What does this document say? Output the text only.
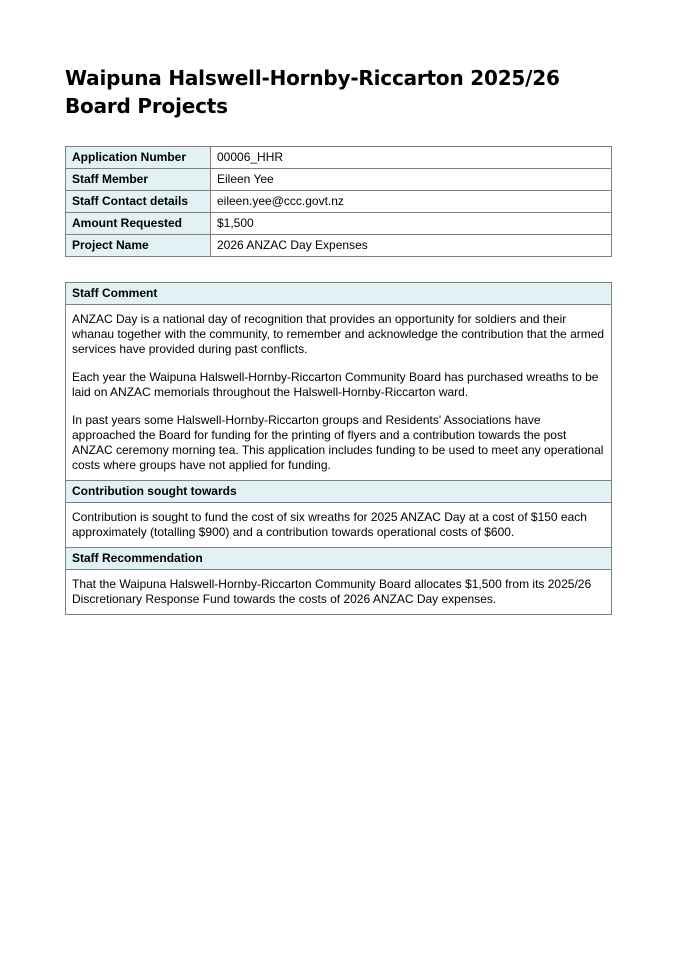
Waipuna Halswell-Hornby-Riccarton 2025/26 Board Projects
Application Number	00006_HHR
Staff Member	Eileen Yee
Staff Contact details	eileen.yee@ccc.govt.nz
Amount Requested	$1,500
Project Name	2026 ANZAC Day Expenses
Staff Comment

ANZAC Day is a national day of recognition that provides an opportunity for soldiers and their whanau together with the community, to remember and acknowledge the contribution that the armed services have provided during past conflicts.

Each year the Waipuna Halswell-Hornby-Riccarton Community Board has purchased wreaths to be laid on ANZAC memorials throughout the Halswell-Hornby-Riccarton ward.

In past years some Halswell-Hornby-Riccarton groups and Residents' Associations have approached the Board for funding for the printing of flyers and a contribution towards the post ANZAC ceremony morning tea. This application includes funding to be used to meet any operational costs where groups have not applied for funding.

Contribution sought towards
Contribution is sought to fund the cost of six wreaths for 2025 ANZAC Day at a cost of $150 each approximately (totalling $900) and a contribution towards operational costs of $600.
Staff Recommendation
That the Waipuna Halswell-Hornby-Riccarton Community Board allocates $1,500 from its 2025/26 Discretionary Response Fund towards the costs of 2026 ANZAC Day expenses.
